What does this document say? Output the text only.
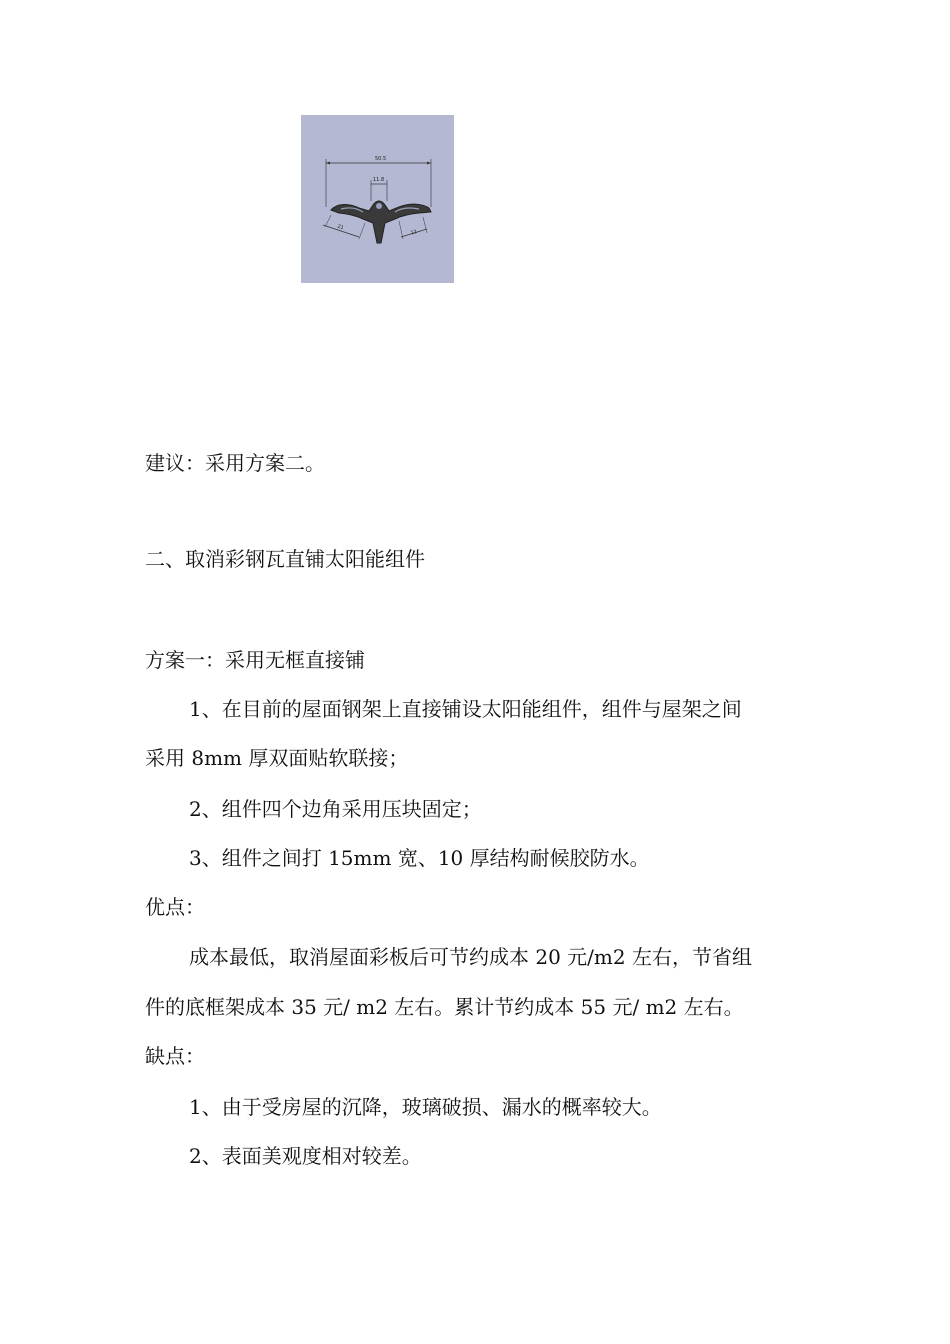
50.5
11.8
21
12
建议：采用方案二。
二、取消彩钢瓦直铺太阳能组件
方案一：采用无框直接铺
1、在目前的屋面钢架上直接铺设太阳能组件，组件与屋架之间
采用 8mm 厚双面贴软联接；
2、组件四个边角采用压块固定；
3、组件之间打 15mm 宽、10 厚结构耐候胶防水。
优点：
成本最低，取消屋面彩板后可节约成本 20 元/m2 左右，节省组
件的底框架成本 35 元/ m2 左右。累计节约成本 55 元/ m2 左右。
缺点：
1、由于受房屋的沉降，玻璃破损、漏水的概率较大。
2、表面美观度相对较差。
